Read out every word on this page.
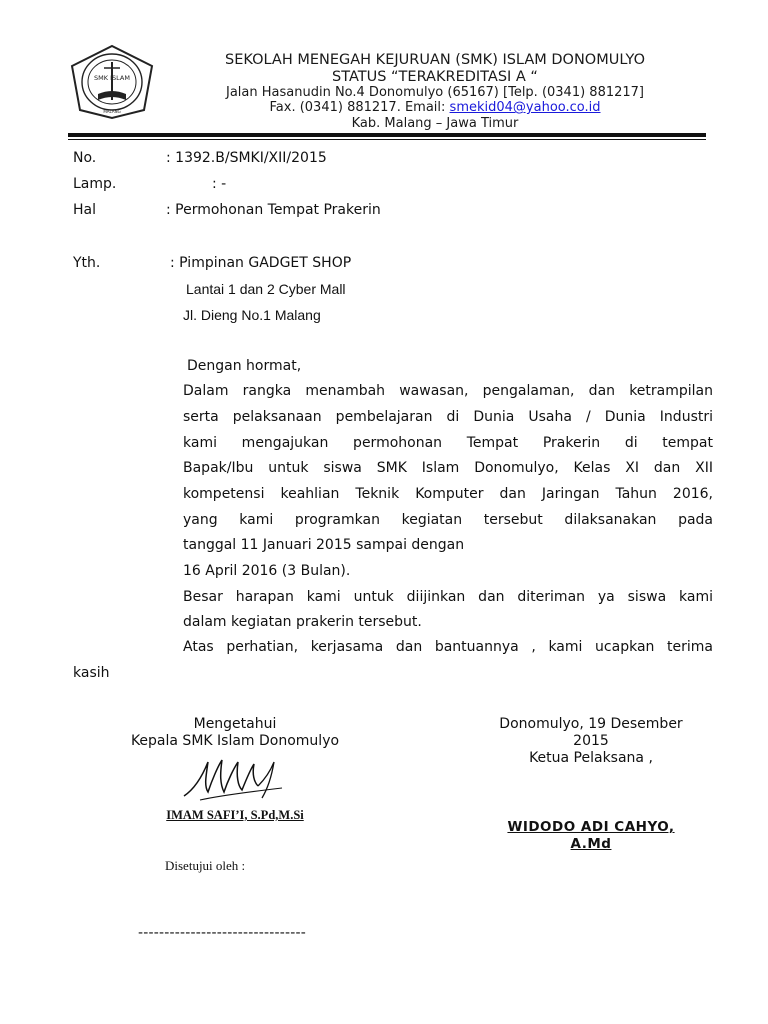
SMK ISLAM
MALANG
SEKOLAH MENEGAH KEJURUAN (SMK) ISLAM DONOMULYO
STATUS “TERAKREDITASI A “
Jalan Hasanudin No.4 Donomulyo (65167) [Telp. (0341) 881217]
Fax. (0341) 881217. Email: smekid04@yahoo.co.id
Kab. Malang – Jawa Timur
No.	: 1392.B/SMKI/XII/2015
Lamp.	: -
Hal	: Permohonan Tempat Prakerin
Yth.	: Pimpinan GADGET SHOP
Lantai 1 dan 2 Cyber Mall
Jl. Dieng No.1 Malang
Dengan hormat,
Dalam rangka menambah wawasan, pengalaman, dan ketrampilan
serta pelaksanaan pembelajaran di Dunia Usaha / Dunia Industri
kami mengajukan permohonan Tempat Prakerin di tempat
Bapak/Ibu untuk siswa SMK Islam Donomulyo, Kelas XI dan XII
kompetensi keahlian Teknik Komputer dan Jaringan Tahun 2016,
yang kami programkan kegiatan tersebut dilaksanakan pada
tanggal 11 Januari 2015 sampai dengan
16 April 2016 (3 Bulan).
Besar harapan kami untuk diijinkan dan diteriman ya siswa kami
dalam kegiatan prakerin tersebut.
Atas perhatian, kerjasama dan bantuannya , kami ucapkan terima
kasih
Mengetahui
Kepala SMK Islam Donomulyo
IMAM SAFI’I, S.Pd,M.Si
Disetujui oleh :
--------------------------------
Donomulyo, 19 Desember
2015
Ketua Pelaksana ,
WIDODO ADI CAHYO,
A.Md
